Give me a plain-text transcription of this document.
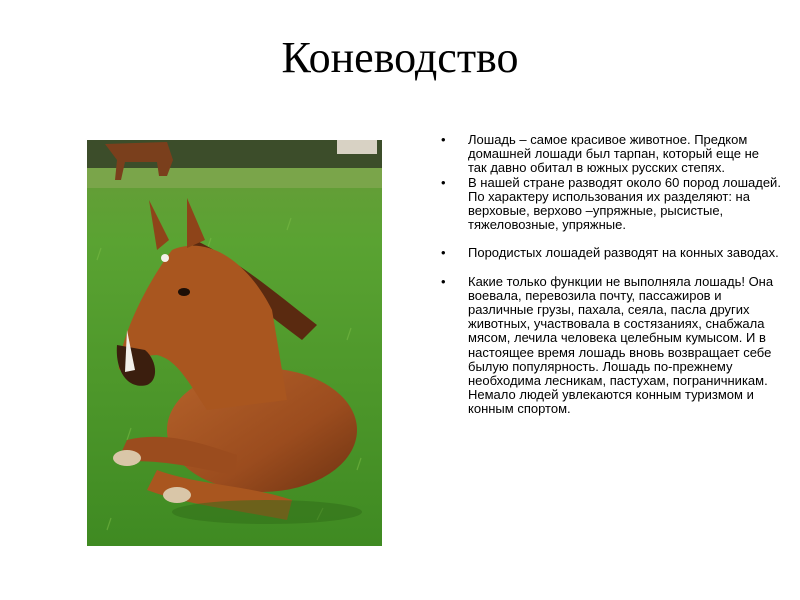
Коневодство
• Лошадь – самое красивое животное. Предком домашней лошади был тарпан, который еще не так давно обитал в южных русских степях.
• В нашей стране разводят около 60 пород лошадей. По характеру использования их разделяют: на верховые, верхово –упряжные, рысистые, тяжеловозные, упряжные.
• Породистых лошадей разводят на конных заводах.
• Какие только функции не выполняла лошадь! Она воевала, перевозила почту, пассажиров и различные грузы, пахала, сеяла, пасла других животных, участвовала в состязаниях, снабжала мясом, лечила человека целебным кумысом. И в настоящее время лошадь вновь возвращает себе былую популярность. Лошадь по-прежнему необходима лесникам, пастухам, пограничникам. Немало людей увлекаются конным туризмом и конным спортом.
